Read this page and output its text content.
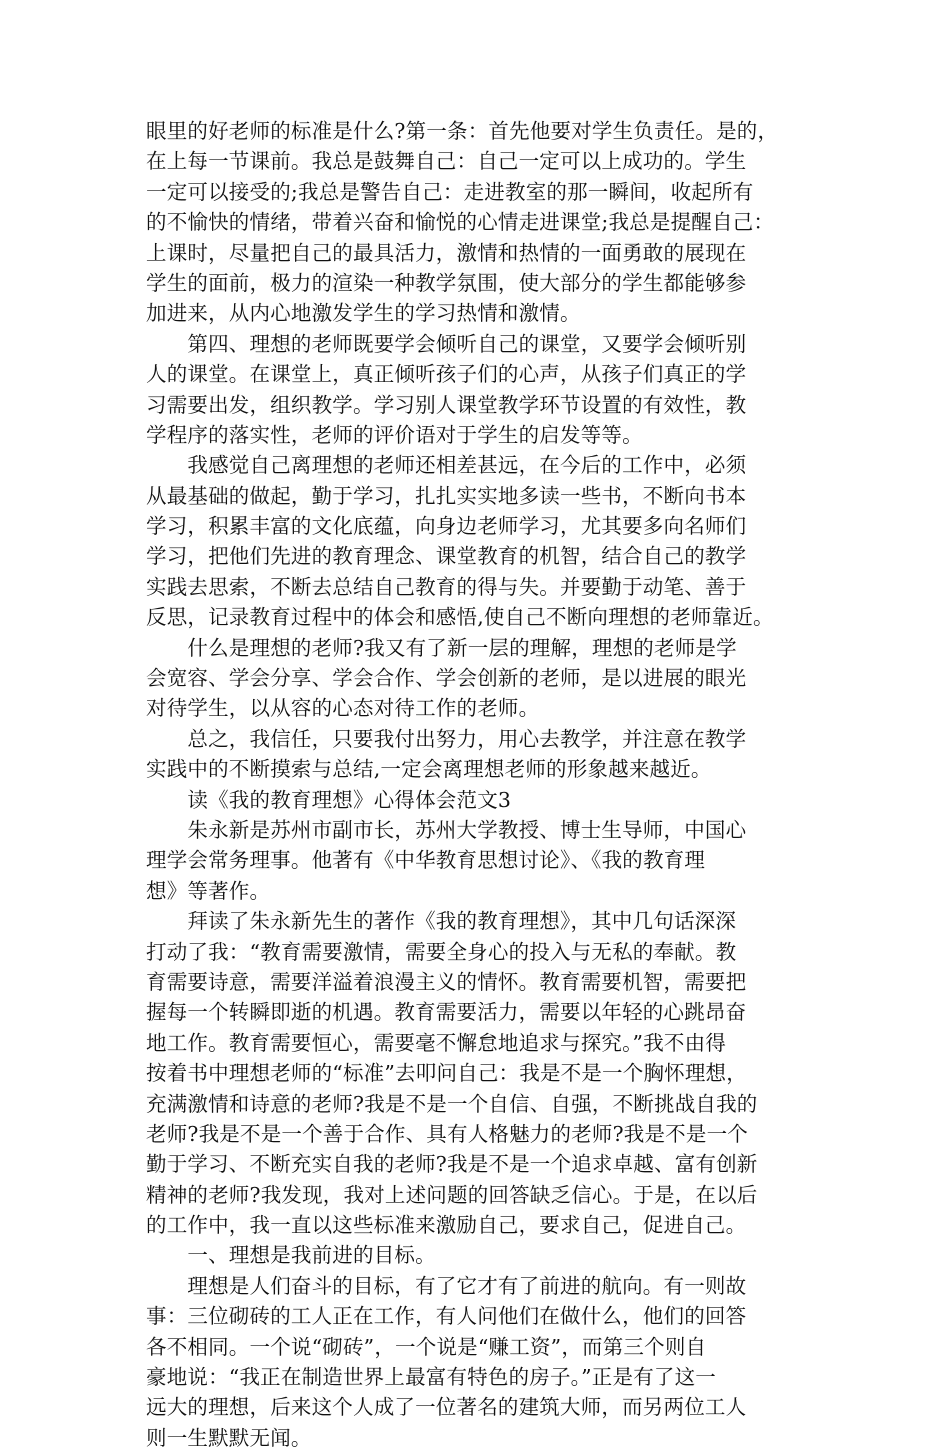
眼里的好老师的标准是什么?第一条：首先他要对学生负责任。是的，
在上每一节课前。我总是鼓舞自己：自己一定可以上成功的。学生
一定可以接受的;我总是警告自己：走进教室的那一瞬间，收起所有
的不愉快的情绪，带着兴奋和愉悦的心情走进课堂;我总是提醒自己：
上课时，尽量把自己的最具活力，激情和热情的一面勇敢的展现在
学生的面前，极力的渲染一种教学氛围，使大部分的学生都能够参
加进来，从内心地激发学生的学习热情和激情。
　　第四、理想的老师既要学会倾听自己的课堂，又要学会倾听别
人的课堂。在课堂上，真正倾听孩子们的心声，从孩子们真正的学
习需要出发，组织教学。学习别人课堂教学环节设置的有效性，教
学程序的落实性，老师的评价语对于学生的启发等等。
　　我感觉自己离理想的老师还相差甚远，在今后的工作中，必须
从最基础的做起，勤于学习，扎扎实实地多读一些书，不断向书本
学习，积累丰富的文化底蕴，向身边老师学习，尤其要多向名师们
学习，把他们先进的教育理念、课堂教育的机智，结合自己的教学
实践去思索，不断去总结自己教育的得与失。并要勤于动笔、善于
反思，记录教育过程中的体会和感悟,使自己不断向理想的老师靠近。
　　什么是理想的老师?我又有了新一层的理解，理想的老师是学
会宽容、学会分享、学会合作、学会创新的老师，是以进展的眼光
对待学生，以从容的心态对待工作的老师。
　　总之，我信任，只要我付出努力，用心去教学，并注意在教学
实践中的不断摸索与总结,一定会离理想老师的形象越来越近。
　　读《我的教育理想》心得体会范文3
　　朱永新是苏州市副市长，苏州大学教授、博士生导师，中国心
理学会常务理事。他著有《中华教育思想讨论》、《我的教育理
想》等著作。
　　拜读了朱永新先生的著作《我的教育理想》，其中几句话深深
打动了我：“教育需要激情，需要全身心的投入与无私的奉献。教
育需要诗意，需要洋溢着浪漫主义的情怀。教育需要机智，需要把
握每一个转瞬即逝的机遇。教育需要活力，需要以年轻的心跳昂奋
地工作。教育需要恒心，需要毫不懈怠地追求与探究。”我不由得
按着书中理想老师的“标准”去叩问自己：我是不是一个胸怀理想，
充满激情和诗意的老师?我是不是一个自信、自强，不断挑战自我的
老师?我是不是一个善于合作、具有人格魅力的老师?我是不是一个
勤于学习、不断充实自我的老师?我是不是一个追求卓越、富有创新
精神的老师?我发现，我对上述问题的回答缺乏信心。于是，在以后
的工作中，我一直以这些标准来激励自己，要求自己，促进自己。
　　一、理想是我前进的目标。
　　理想是人们奋斗的目标，有了它才有了前进的航向。有一则故
事：三位砌砖的工人正在工作，有人问他们在做什么，他们的回答
各不相同。一个说“砌砖”，一个说是“赚工资”，而第三个则自
豪地说：“我正在制造世界上最富有特色的房子。”正是有了这一
远大的理想，后来这个人成了一位著名的建筑大师，而另两位工人
则一生默默无闻。
